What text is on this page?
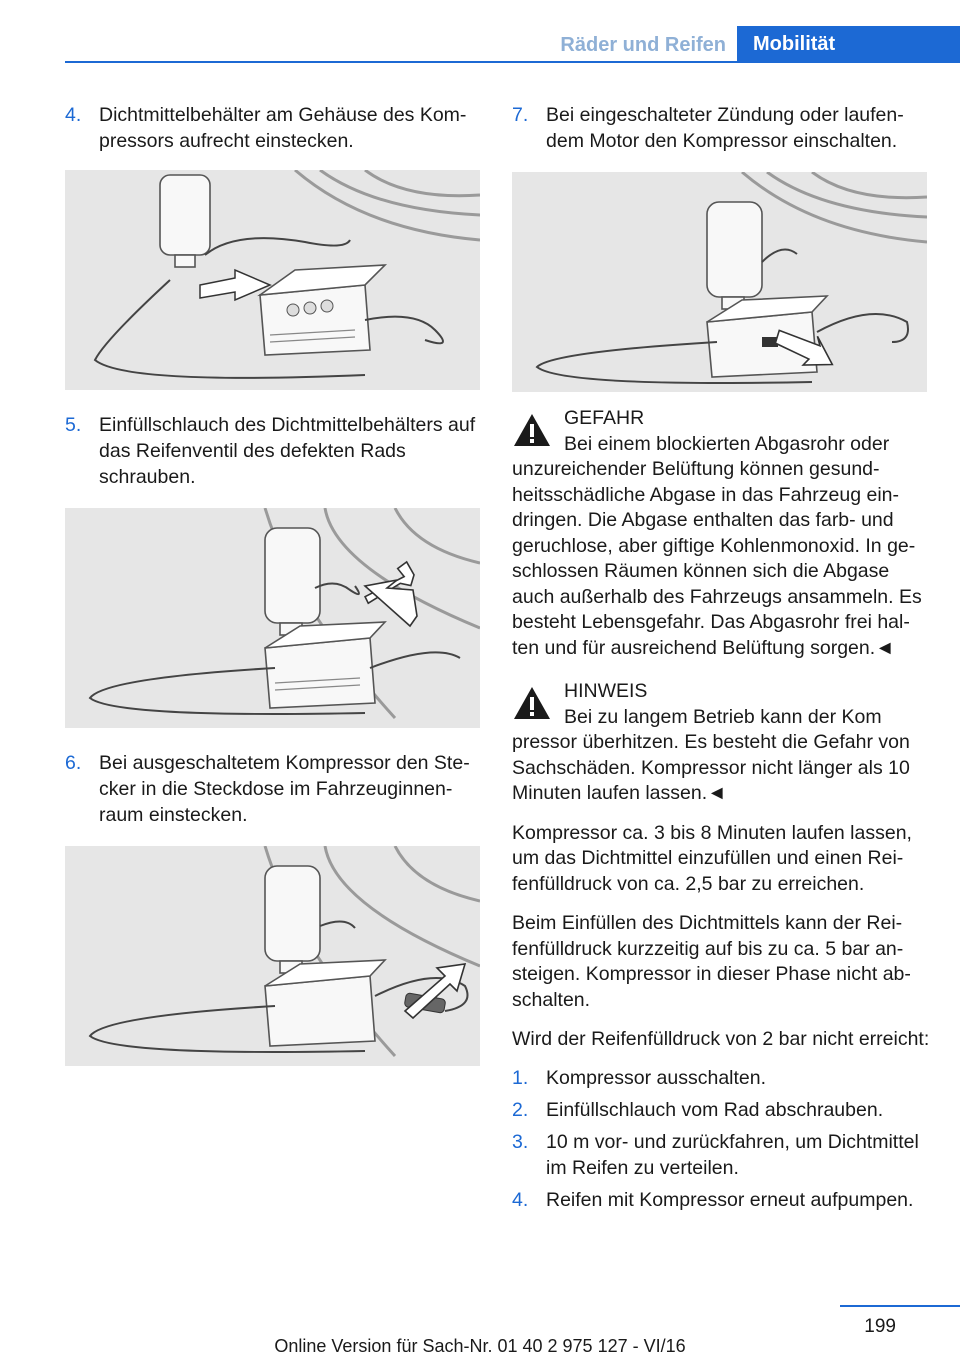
Räder und Reifen Mobilität

4. Dichtmittelbehälter am Gehäuse des Kompressors aufrecht einstecken.

5. Einfüllschlauch des Dichtmittelbehälters auf das Reifenventil des defekten Rads schrauben.

6. Bei ausgeschaltetem Kompressor den Stecker in die Steckdose im Fahrzeuginnenraum einstecken.

7. Bei eingeschalteter Zündung oder laufendem Motor den Kompressor einschalten.

GEFAHR
Bei einem blockierten Abgasrohr oder
unzureichender Belüftung können gesundheitsschädliche Abgase in das Fahrzeug eindringen. Die Abgase enthalten das farb- und geruchlose, aber giftige Kohlenmonoxid. In geschlossen Räumen können sich die Abgase auch außerhalb des Fahrzeugs ansammeln. Es besteht Lebensgefahr. Das Abgasrohr frei halten und für ausreichend Belüftung sorgen.◄
HINWEIS
Bei zu langem Betrieb kann der Kom
pressor überhitzen. Es besteht die Gefahr von Sachschäden. Kompressor nicht länger als 10 Minuten laufen lassen.◄

Kompressor ca. 3 bis 8 Minuten laufen lassen, um das Dichtmittel einzufüllen und einen Reifenfülldruck von ca. 2,5 bar zu erreichen.

Beim Einfüllen des Dichtmittels kann der Reifenfülldruck kurzzeitig auf bis zu ca. 5 bar ansteigen. Kompressor in dieser Phase nicht abschalten.

Wird der Reifenfülldruck von 2 bar nicht erreicht:

1. Kompressor ausschalten.

2. Einfüllschlauch vom Rad abschrauben.

3. 10 m vor- und zurückfahren, um Dichtmittel im Reifen zu verteilen.

4. Reifen mit Kompressor erneut aufpumpen.

199
Online Version für Sach-Nr. 01 40 2 975 127 - VI/16
